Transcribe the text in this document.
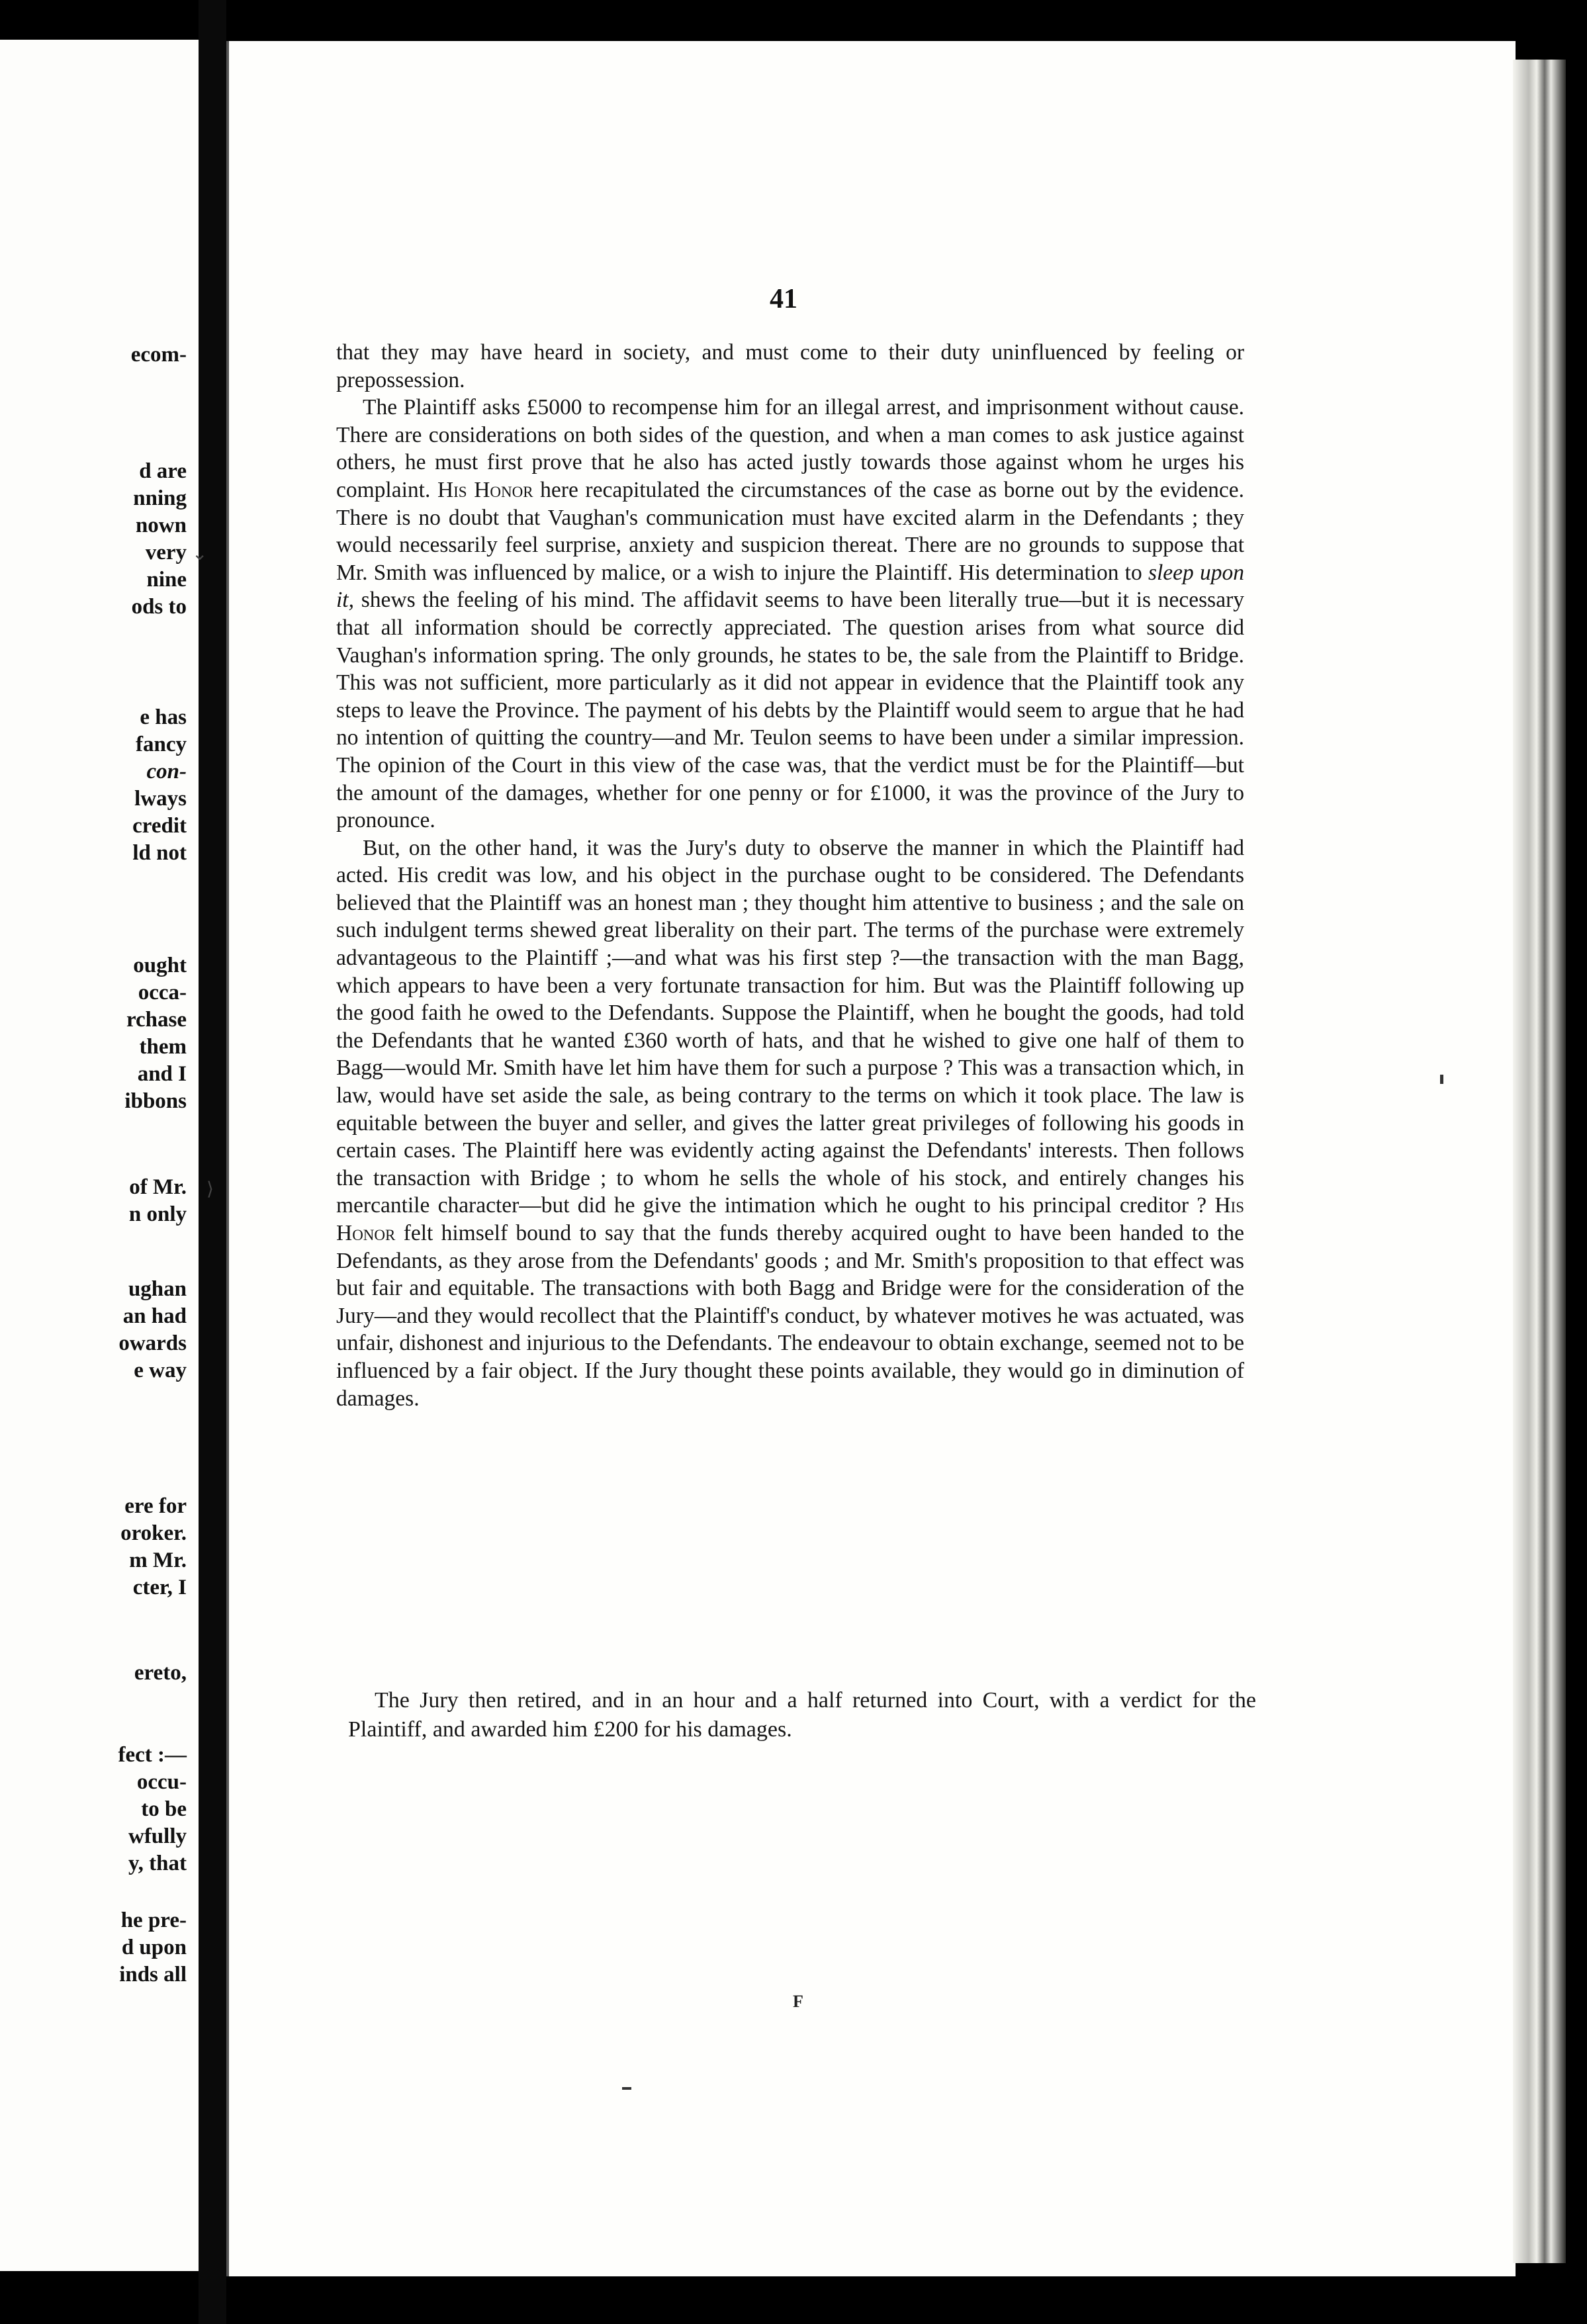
ecom-
d are
nning
nown
very
nine
ods to
e has
fancy
con-
lways
credit
ld not
ought
occa-
rchase
them
and I
ibbons
of Mr.
n only
ughan
an had
owards
e way
ere for
oroker.
m Mr.
cter, I
ereto,
fect :—
occu-
to be
wfully
y, that
he pre-
d upon
inds all
41

that they may have heard in society, and must come to their duty uninfluenced by feeling or prepossession.

The Plaintiff asks £5000 to recompense him for an illegal arrest, and imprisonment without cause. There are considerations on both sides of the question, and when a man comes to ask justice against others, he must first prove that he also has acted justly towards those against whom he urges his complaint. His Honor here recapitulated the circumstances of the case as borne out by the evidence. There is no doubt that Vaughan's communication must have excited alarm in the Defendants ; they would necessarily feel surprise, anxiety and suspicion thereat. There are no grounds to suppose that Mr. Smith was influenced by malice, or a wish to injure the Plaintiff. His determination to sleep upon it, shews the feeling of his mind. The affidavit seems to have been literally true—but it is necessary that all information should be correctly appreciated. The question arises from what source did Vaughan's information spring. The only grounds, he states to be, the sale from the Plaintiff to Bridge. This was not sufficient, more particularly as it did not appear in evidence that the Plaintiff took any steps to leave the Province. The payment of his debts by the Plaintiff would seem to argue that he had no intention of quitting the country—and Mr. Teulon seems to have been under a similar impression. The opinion of the Court in this view of the case was, that the verdict must be for the Plaintiff—but the amount of the damages, whether for one penny or for £1000, it was the province of the Jury to pronounce.

But, on the other hand, it was the Jury's duty to observe the manner in which the Plaintiff had acted. His credit was low, and his object in the purchase ought to be considered. The Defendants believed that the Plaintiff was an honest man ; they thought him attentive to business ; and the sale on such indulgent terms shewed great liberality on their part. The terms of the purchase were extremely advantageous to the Plaintiff ;—and what was his first step ?—the transaction with the man Bagg, which appears to have been a very fortunate transaction for him. But was the Plaintiff following up the good faith he owed to the Defendants. Suppose the Plaintiff, when he bought the goods, had told the Defendants that he wanted £360 worth of hats, and that he wished to give one half of them to Bagg—would Mr. Smith have let him have them for such a purpose ? This was a transaction which, in law, would have set aside the sale, as being contrary to the terms on which it took place. The law is equitable between the buyer and seller, and gives the latter great privileges of following his goods in certain cases. The Plaintiff here was evidently acting against the Defendants' interests. Then follows the transaction with Bridge ; to whom he sells the whole of his stock, and entirely changes his mercantile character—but did he give the intimation which he ought to his principal creditor ? His Honor felt himself bound to say that the funds thereby acquired ought to have been handed to the Defendants, as they arose from the Defendants' goods ; and Mr. Smith's proposition to that effect was but fair and equitable. The transactions with both Bagg and Bridge were for the consideration of the Jury—and they would recollect that the Plaintiff's conduct, by whatever motives he was actuated, was unfair, dishonest and injurious to the Defendants. The endeavour to obtain exchange, seemed not to be influenced by a fair object. If the Jury thought these points available, they would go in diminution of damages.

The Jury then retired, and in an hour and a half returned into Court, with a verdict for the Plaintiff, and awarded him £200 for his damages.
F
⌄
⟩
